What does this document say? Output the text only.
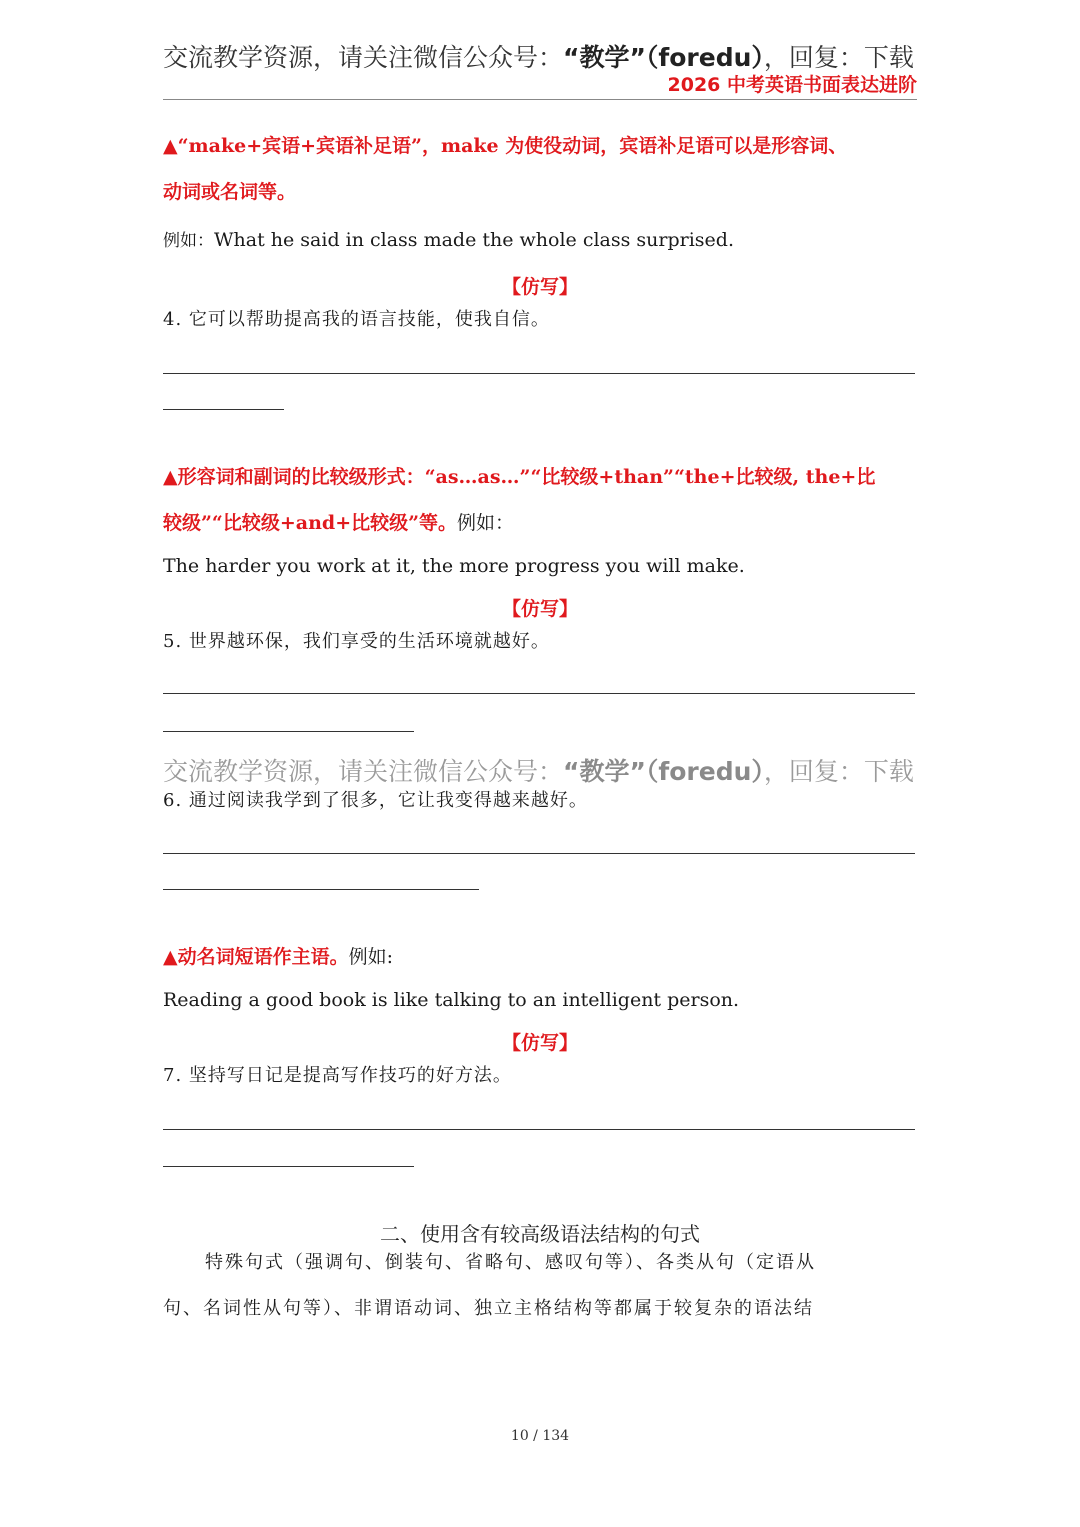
交流教学资源，请关注微信公众号：“教学”（foredu），回复：下载
2026 中考英语书面表达进阶
▲“make+宾语+宾语补足语”，make 为使役动词，宾语补足语可以是形容词、
动词或名词等。
例如：What he said in class made the whole class surprised.
【仿写】
4. 它可以帮助提高我的语言技能，使我自信。
▲形容词和副词的比较级形式：“as…as…”“比较级+than”“the+比较级, the+比
较级”“比较级+and+比较级”等。例如：
The harder you work at it, the more progress you will make.
【仿写】
5. 世界越环保，我们享受的生活环境就越好。
交流教学资源，请关注微信公众号：“教学”（foredu），回复：下载
6. 通过阅读我学到了很多，它让我变得越来越好。
▲动名词短语作主语。例如:
Reading a good book is like talking to an intelligent person.
【仿写】
7. 坚持写日记是提高写作技巧的好方法。
二、使用含有较高级语法结构的句式
特殊句式（强调句、倒装句、省略句、感叹句等）、各类从句（定语从
句、名词性从句等）、非谓语动词、独立主格结构等都属于较复杂的语法结
10 / 134
